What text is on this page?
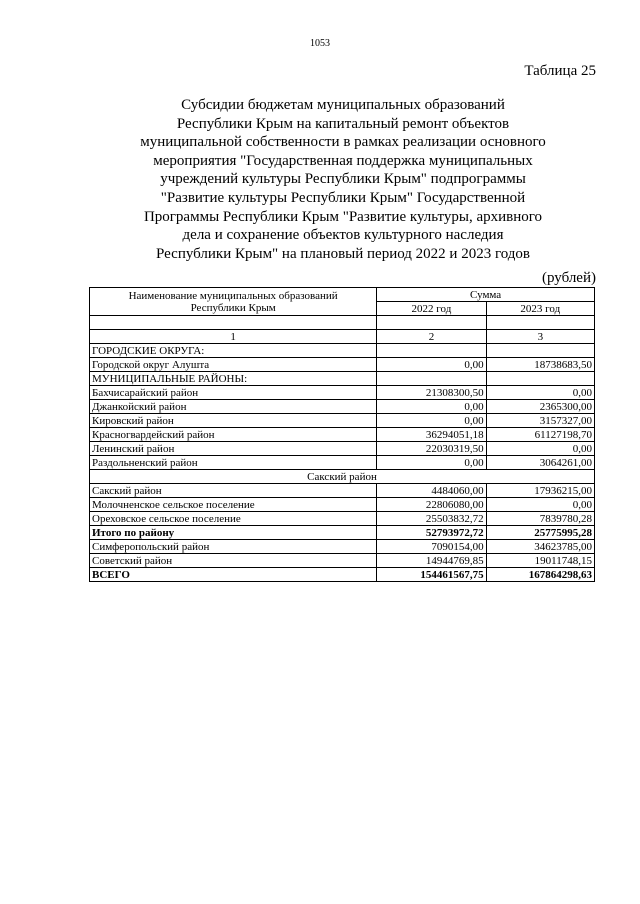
1053
Таблица 25
Субсидии бюджетам муниципальных образований
Республики Крым на капитальный ремонт объектов
муниципальной собственности в рамках реализации основного
мероприятия "Государственная поддержка муниципальных
учреждений культуры Республики Крым" подпрограммы
"Развитие культуры Республики Крым" Государственной
Программы Республики Крым "Развитие культуры, архивного
дела и сохранение объектов культурного наследия
Республики Крым" на плановый период 2022 и 2023 годов
(рублей)
Наименование муниципальных образований
Республики Крым	Сумма	
	2022 год	2023 год

1	2	3
ГОРОДСКИЕ ОКРУГА:		
Городской округ Алушта	0,00	18738683,50
МУНИЦИПАЛЬНЫЕ РАЙОНЫ:		
Бахчисарайский район	21308300,50	0,00
Джанкойский район	0,00	2365300,00
Кировский район	0,00	3157327,00
Красногвардейский район	36294051,18	61127198,70
Ленинский район	22030319,50	0,00
Раздольненский район	0,00	3064261,00
Сакский район		
Сакский район	4484060,00	17936215,00
Молочненское сельское поселение	22806080,00	0,00
Ореховское сельское поселение	25503832,72	7839780,28
Итого по району	52793972,72	25775995,28
Симферопольский район	7090154,00	34623785,00
Советский район	14944769,85	19011748,15
ВСЕГО	154461567,75	167864298,63
